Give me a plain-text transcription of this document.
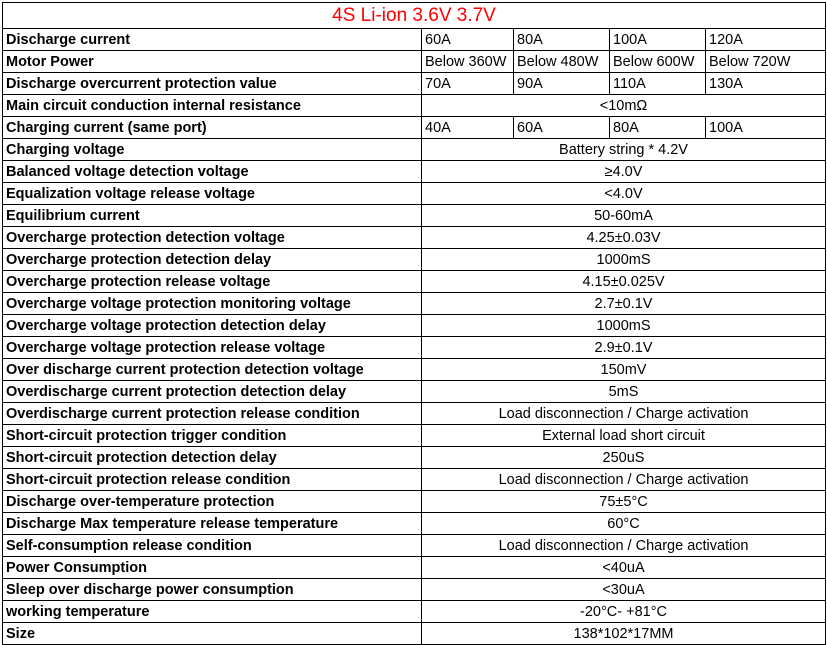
4S Li-ion 3.6V 3.7V				
Discharge current	60A	80A	100A	120A
Motor Power	Below 360W	Below 480W	Below 600W	Below 720W
Discharge overcurrent protection value	70A	90A	110A	130A
Main circuit conduction internal resistance	<10mΩ			
Charging current (same port)	40A	60A	80A	100A
Charging voltage	Battery string * 4.2V			
Balanced voltage detection voltage	≥4.0V			
Equalization voltage release voltage	<4.0V			
Equilibrium current	50-60mA			
Overcharge protection detection voltage	4.25±0.03V			
Overcharge protection detection delay	1000mS			
Overcharge protection release voltage	4.15±0.025V			
Overcharge voltage protection monitoring voltage	2.7±0.1V			
Overcharge voltage protection detection delay	1000mS			
Overcharge voltage protection release voltage	2.9±0.1V			
Over discharge current protection detection voltage	150mV			
Overdischarge current protection detection delay	5mS			
Overdischarge current protection release condition	Load disconnection / Charge activation			
Short-circuit protection trigger condition	External load short circuit			
Short-circuit protection detection delay	250uS			
Short-circuit protection release condition	Load disconnection / Charge activation			
Discharge over-temperature protection	75±5°C			
Discharge Max temperature release temperature	60°C			
Self-consumption release condition	Load disconnection / Charge activation			
Power Consumption	<40uA			
Sleep over discharge power consumption	<30uA			
working temperature	-20°C- +81°C			
Size	138*102*17MM			
